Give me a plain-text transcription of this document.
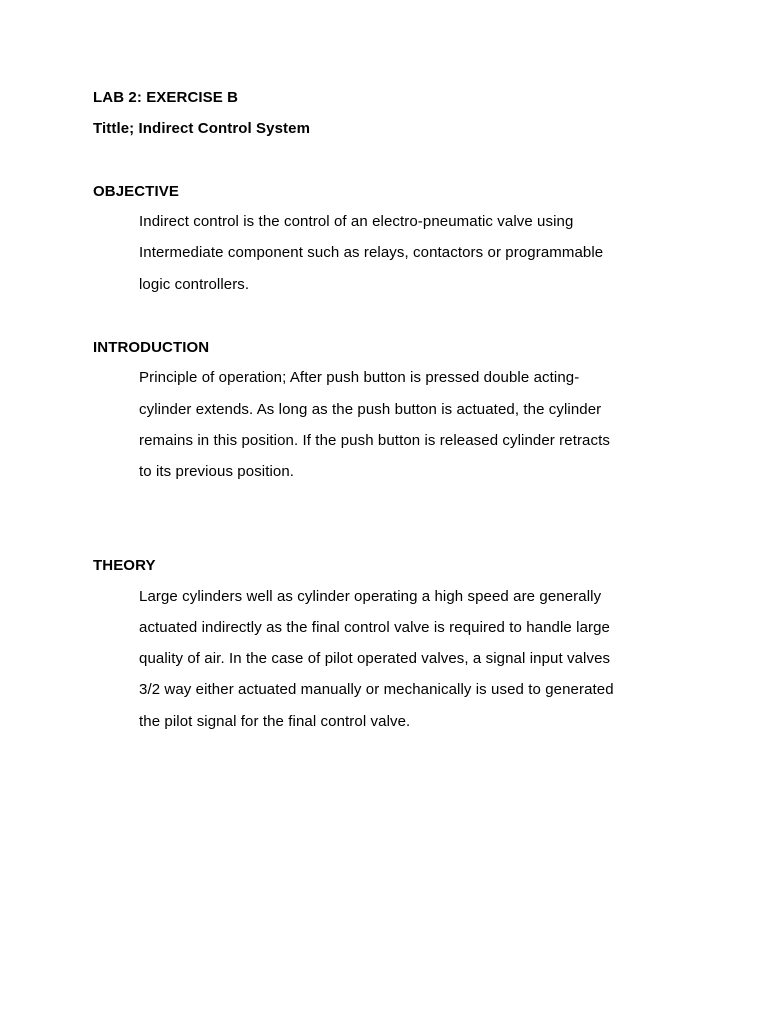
LAB 2: EXERCISE B

Tittle; Indirect Control System

OBJECTIVE

Indirect control is the control of an electro-pneumatic valve using

Intermediate component such as relays, contactors or programmable

logic controllers.

INTRODUCTION

Principle of operation; After push button is pressed double acting-

cylinder extends. As long as the push button is actuated, the cylinder

remains in this position. If the push button is released cylinder retracts

to its previous position.

THEORY

Large cylinders well as cylinder operating a high speed are generally

actuated indirectly as the final control valve is required to handle large

quality of air. In the case of pilot operated valves, a signal input valves

3/2 way either actuated manually or mechanically is used to generated

the pilot signal for the final control valve.
